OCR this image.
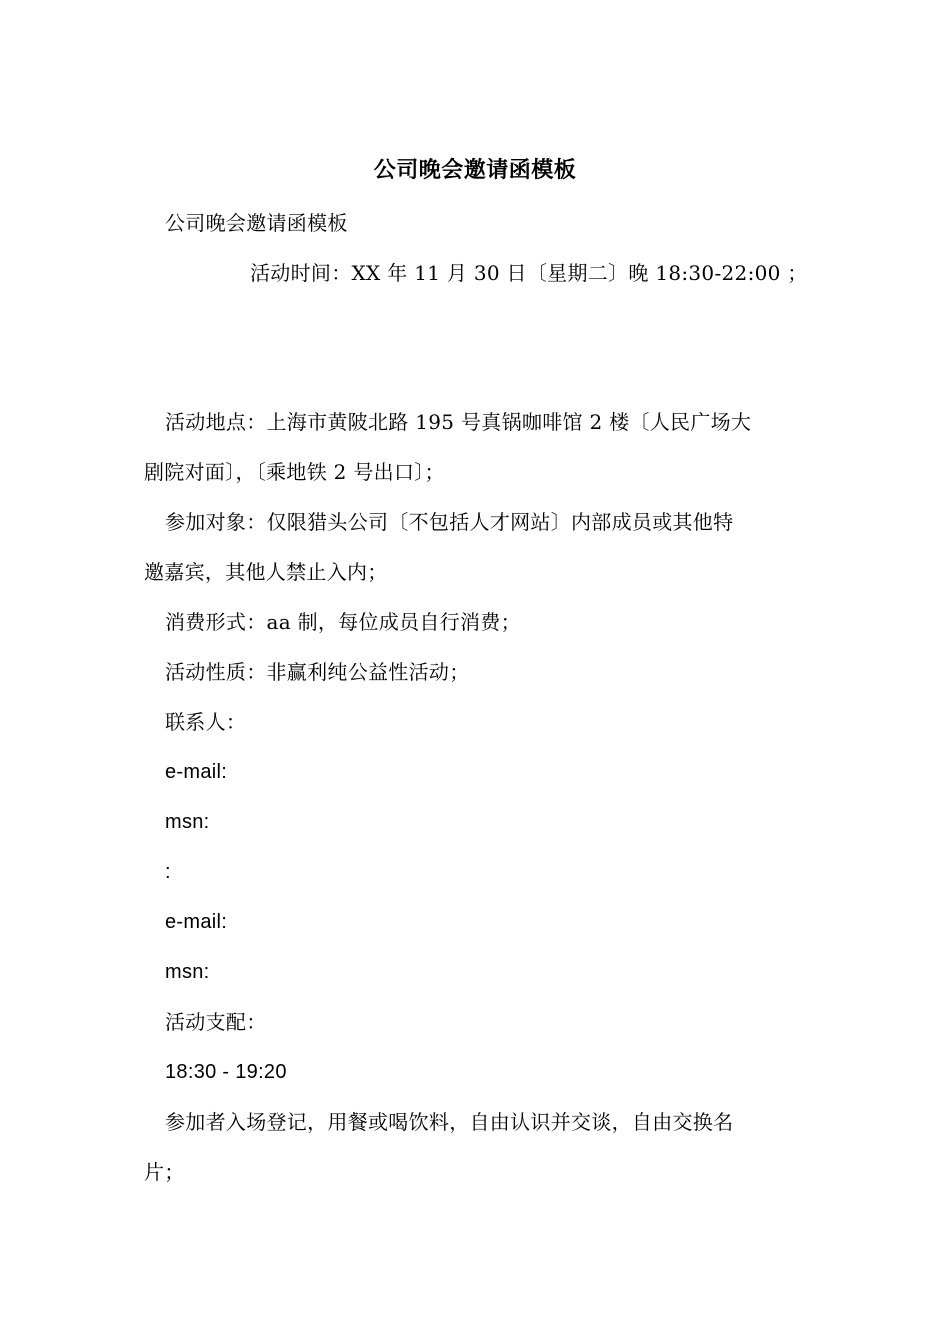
公司晚会邀请函模板
公司晚会邀请函模板
活动时间：XX 年 11 月 30 日〔星期二〕晚 18:30-22:00 ；
活动地点：上海市黄陂北路 195 号真锅咖啡馆 2 楼〔人民广场大
剧院对面〕，〔乘地铁 2 号出口〕；
参加对象：仅限猎头公司〔不包括人才网站〕内部成员或其他特
邀嘉宾，其他人禁止入内；
消费形式：aa 制，每位成员自行消费；
活动性质：非赢利纯公益性活动；
联系人：
e-mail:
msn:
:
e-mail:
msn:
活动支配：
18:30 - 19:20
参加者入场登记，用餐或喝饮料，自由认识并交谈，自由交换名
片；
